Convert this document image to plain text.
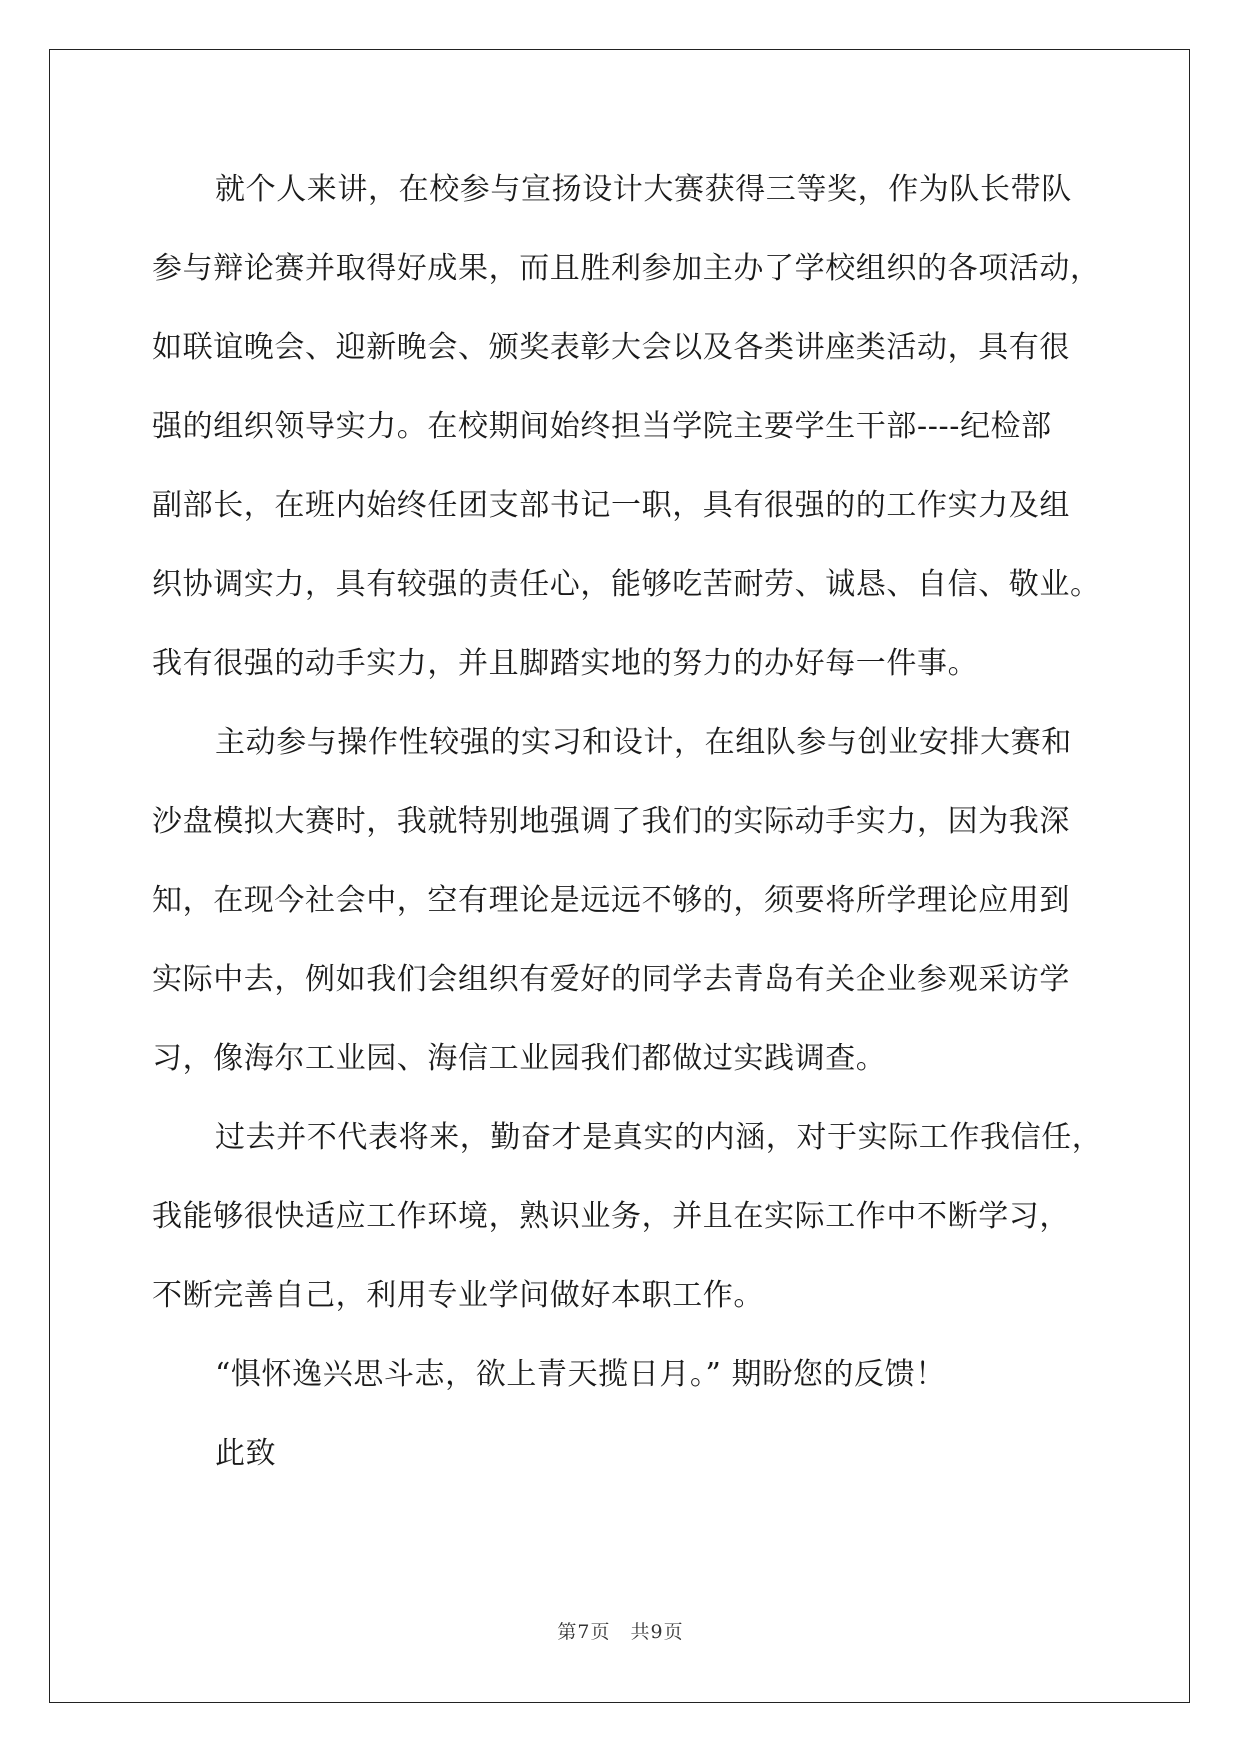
就个人来讲，在校参与宣扬设计大赛获得三等奖，作为队长带队
参与辩论赛并取得好成果，而且胜利参加主办了学校组织的各项活动，
如联谊晚会、迎新晚会、颁奖表彰大会以及各类讲座类活动，具有很
强的组织领导实力。在校期间始终担当学院主要学生干部----纪检部
副部长，在班内始终任团支部书记一职，具有很强的的工作实力及组
织协调实力，具有较强的责任心，能够吃苦耐劳、诚恳、自信、敬业。
我有很强的动手实力，并且脚踏实地的努力的办好每一件事。
主动参与操作性较强的实习和设计，在组队参与创业安排大赛和
沙盘模拟大赛时，我就特别地强调了我们的实际动手实力，因为我深
知，在现今社会中，空有理论是远远不够的，须要将所学理论应用到
实际中去，例如我们会组织有爱好的同学去青岛有关企业参观采访学
习，像海尔工业园、海信工业园我们都做过实践调查。
过去并不代表将来，勤奋才是真实的内涵，对于实际工作我信任，
我能够很快适应工作环境，熟识业务，并且在实际工作中不断学习，
不断完善自己，利用专业学问做好本职工作。
“惧怀逸兴思斗志，欲上青天揽日月。” 期盼您的反馈！
此致
第7页　共9页
